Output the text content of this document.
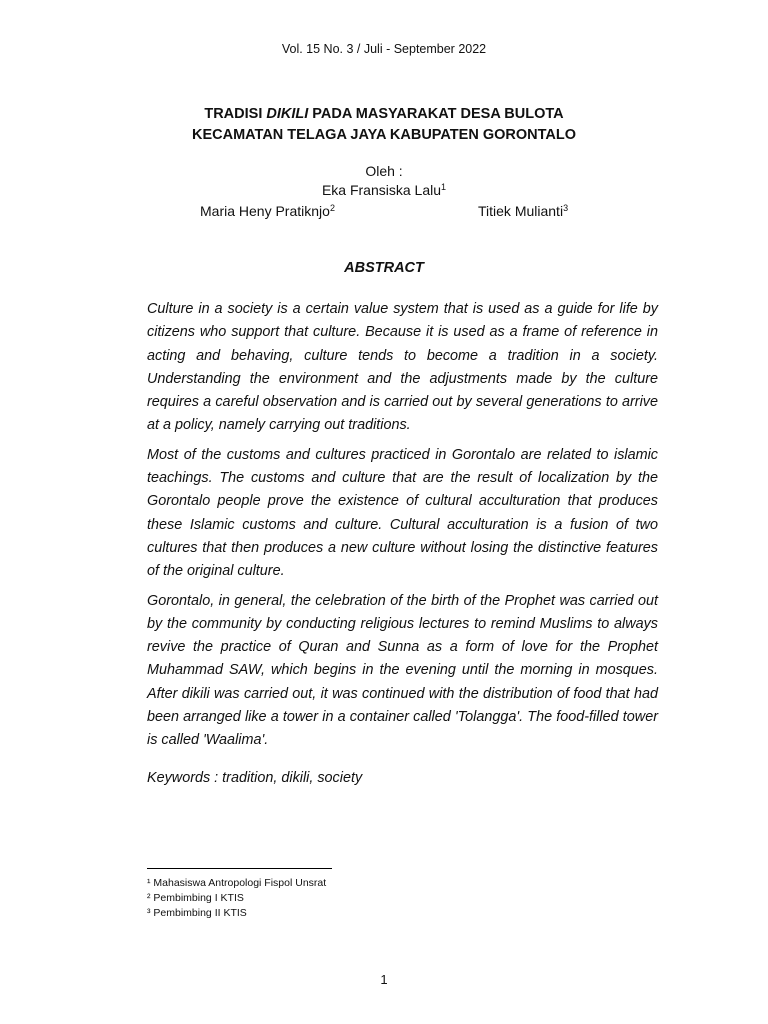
Vol. 15 No. 3 / Juli - September 2022
TRADISI DIKILI PADA MASYARAKAT DESA BULOTA
KECAMATAN TELAGA JAYA KABUPATEN GORONTALO
Oleh :
Eka Fransiska Lalu$^1$
Maria Heny Pratiknjo$^2$	Titiek Mulianti$^3$
ABSTRACT

Culture in a society is a certain value system that is used as a guide for life by citizens who support that culture. Because it is used as a frame of reference in acting and behaving, culture tends to become a tradition in a society. Understanding the environment and the adjustments made by the culture requires a careful observation and is carried out by several generations to arrive at a policy, namely carrying out traditions.

Most of the customs and cultures practiced in Gorontalo are related to islamic teachings. The customs and culture that are the result of localization by the Gorontalo people prove the existence of cultural acculturation that produces these Islamic customs and culture. Cultural acculturation is a fusion of two cultures that then produces a new culture without losing the distinctive features of the original culture.

Gorontalo, in general, the celebration of the birth of the Prophet was carried out by the community by conducting religious lectures to remind Muslims to always revive the practice of Quran and Sunna as a form of love for the Prophet Muhammad SAW, which begins in the evening until the morning in mosques. After dikili was carried out, it was continued with the distribution of food that had been arranged like a tower in a container called 'Tolangga'. The food-filled tower is called 'Waalima'.

Keywords : tradition, dikili, society
¹ Mahasiswa Antropologi Fispol Unsrat
² Pembimbing I KTIS
³ Pembimbing II KTIS
1
